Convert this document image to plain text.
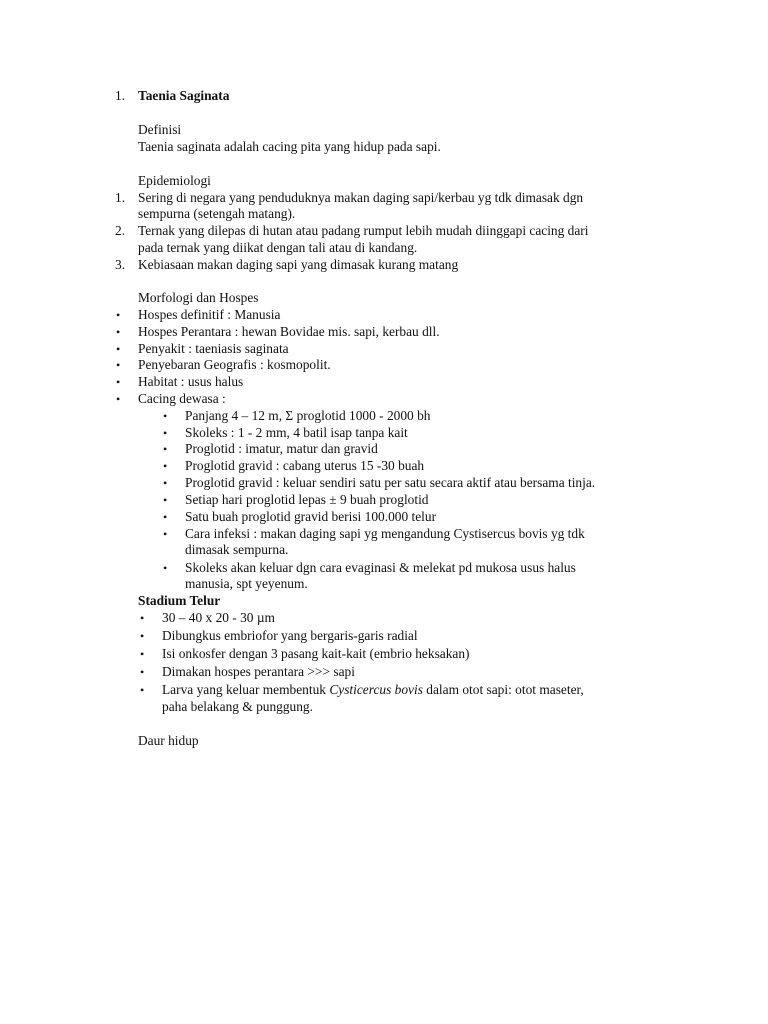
1. Taenia Saginata
Definisi
Taenia saginata adalah cacing pita yang hidup pada sapi.
Epidemiologi
1. Sering di negara yang penduduknya makan daging sapi/kerbau yg tdk dimasak dgn
sempurna (setengah matang).
2. Ternak yang dilepas di hutan atau padang rumput lebih mudah diinggapi cacing dari
pada ternak yang diikat dengan tali atau di kandang.
3. Kebiasaan makan daging sapi yang dimasak kurang matang
Morfologi dan Hospes
• Hospes definitif : Manusia
• Hospes Perantara : hewan Bovidae mis. sapi, kerbau dll.
• Penyakit : taeniasis saginata
• Penyebaran Geografis : kosmopolit.
• Habitat : usus halus
• Cacing dewasa :
• Panjang 4 – 12 m, Σ proglotid 1000 - 2000 bh
• Skoleks : 1 - 2 mm, 4 batil isap tanpa kait
• Proglotid : imatur, matur dan gravid
• Proglotid gravid : cabang uterus 15 -30 buah
• Proglotid gravid : keluar sendiri satu per satu secara aktif atau bersama tinja.
• Setiap hari proglotid lepas ± 9 buah proglotid
• Satu buah proglotid gravid berisi 100.000 telur
• Cara infeksi : makan daging sapi yg mengandung Cystisercus bovis yg tdk
dimasak sempurna.
• Skoleks akan keluar dgn cara evaginasi & melekat pd mukosa usus halus
manusia, spt yeyenum.
Stadium Telur
• 30 – 40 x 20 - 30 µm
• Dibungkus embriofor yang bergaris-garis radial
• Isi onkosfer dengan 3 pasang kait-kait (embrio heksakan)
• Dimakan hospes perantara >>> sapi
• Larva yang keluar membentuk Cysticercus bovis dalam otot sapi: otot maseter,
paha belakang & punggung.
Daur hidup
